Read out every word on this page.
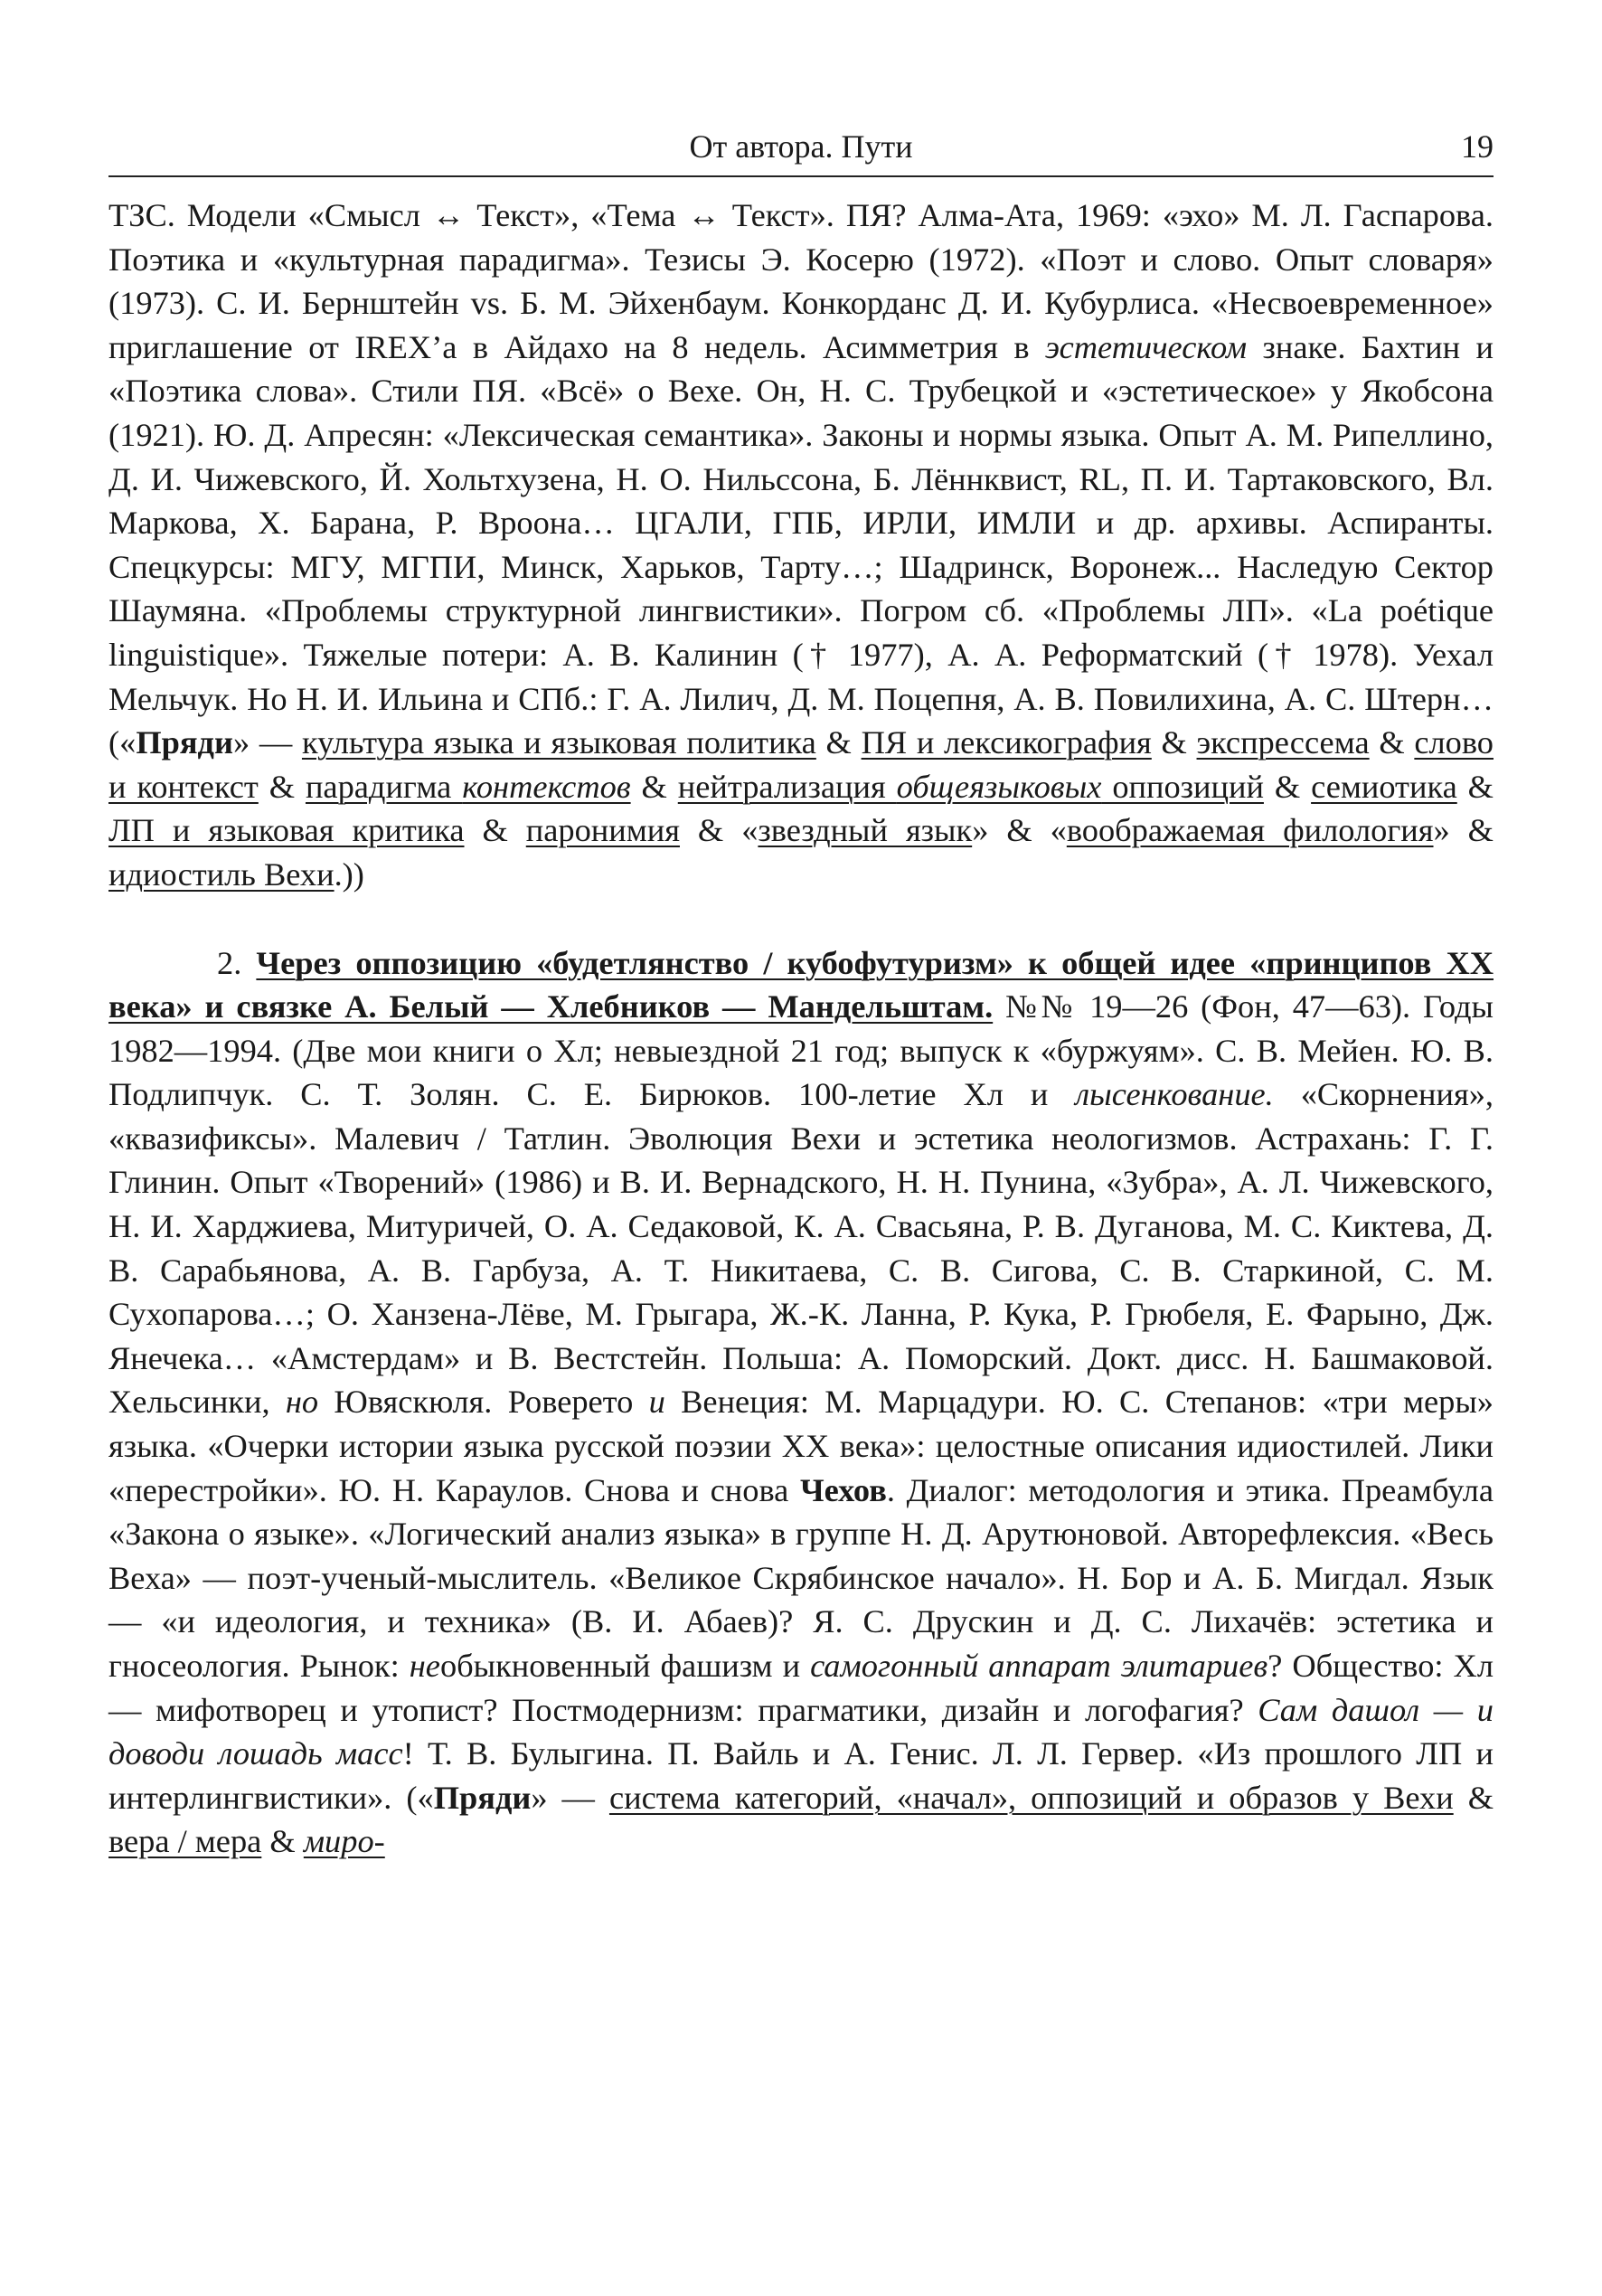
От автора. Пути	19

ТЗС. Модели «Смысл ↔ Текст», «Тема ↔ Текст». ПЯ? Алма-Ата, 1969: «эхо» М. Л. Гаспарова. Поэтика и «культурная парадигма». Тезисы Э. Косерю (1972). «Поэт и слово. Опыт словаря» (1973). С. И. Бернштейн vs. Б. М. Эйхенбаум. Конкорданс Д. И. Кубурлиса. «Несвоевременное» приглашение от IREX’а в Айдахо на 8 недель. Асимметрия в эстетическом знаке. Бахтин и «Поэтика слова». Стили ПЯ. «Всё» о Вехе. Он, Н. С. Трубецкой и «эстетическое» у Якобсона (1921). Ю. Д. Апресян: «Лексическая семантика». Законы и нормы языка. Опыт А. М. Рипеллино, Д. И. Чижевского, Й. Хольтхузена, Н. О. Нильссона, Б. Лённквист, RL, П. И. Тартаковского, Вл. Маркова, Х. Барана, Р. Вроона… ЦГАЛИ, ГПБ, ИРЛИ, ИМЛИ и др. архивы. Аспиранты. Спецкурсы: МГУ, МГПИ, Минск, Харьков, Тарту…; Шадринск, Воронеж... Наследую Сектор Шаумяна. «Проблемы структурной лингвистики». Погром сб. «Проблемы ЛП». «La poétique linguistique». Тяжелые потери: А. В. Калинин († 1977), А. А. Реформатский († 1978). Уехал Мельчук. Но Н. И. Ильина и СПб.: Г. А. Лилич, Д. М. Поцепня, А. В. Повилихина, А. С. Штерн… («Пряди» — культура языка и языковая политика & ПЯ и лексикография & экспрессема & слово и контекст & парадигма контекстов & нейтрализация общеязыковых оппозиций & семиотика & ЛП и языковая критика & паронимия & «звездный язык» & «воображаемая филология» & идиостиль Вехи.))

2. Через оппозицию «будетлянство / кубофутуризм» к общей идее «принципов XX века» и связке А. Белый — Хлебников — Мандельштам. №№ 19—26 (Фон, 47—63). Годы 1982—1994. (Две мои книги о Хл; невыездной 21 год; выпуск к «буржуям». С. В. Мейен. Ю. В. Подлипчук. С. Т. Золян. С. Е. Бирюков. 100-летие Хл и лысенкование. «Скорнения», «квазификсы». Малевич / Татлин. Эволюция Вехи и эстетика неологизмов. Астрахань: Г. Г. Глинин. Опыт «Творений» (1986) и В. И. Вернадского, Н. Н. Пунина, «Зубра», А. Л. Чижевского, Н. И. Харджиева, Митуричей, О. А. Седаковой, К. А. Свасьяна, Р. В. Дуганова, М. С. Киктева, Д. В. Сарабьянова, А. В. Гарбуза, А. Т. Никитаева, С. В. Сигова, С. В. Старкиной, С. М. Сухопарова…; О. Ханзена-Лёве, М. Грыгара, Ж.-К. Ланна, Р. Кука, Р. Грюбеля, Е. Фарыно, Дж. Янечека… «Амстердам» и В. Вестстейн. Польша: А. Поморский. Докт. дисс. Н. Башмаковой. Хельсинки, но Ювяскюля. Роверето и Венеция: М. Марцадури. Ю. С. Степанов: «три меры» языка. «Очерки истории языка русской поэзии XX века»: целостные описания идиостилей. Лики «перестройки». Ю. Н. Караулов. Снова и снова Чехов. Диалог: методология и этика. Преамбула «Закона о языке». «Логический анализ языка» в группе Н. Д. Арутюновой. Авторефлексия. «Весь Веха» — поэт-ученый-мыслитель. «Великое Скрябинское начало». Н. Бор и А. Б. Мигдал. Язык — «и идеология, и техника» (В. И. Абаев)? Я. С. Друскин и Д. С. Лихачёв: эстетика и гносеология. Рынок: необыкновенный фашизм и самогонный аппарат элитариев? Общество: Хл — мифотворец и утопист? Постмодернизм: прагматики, дизайн и логофагия? Сам дашол — и доводи лошадь масс! Т. В. Булыгина. П. Вайль и А. Генис. Л. Л. Гервер. «Из прошлого ЛП и интерлингвистики». («Пряди» — система категорий, «начал», оппозиций и образов у Вехи & вера / мера & миро-
